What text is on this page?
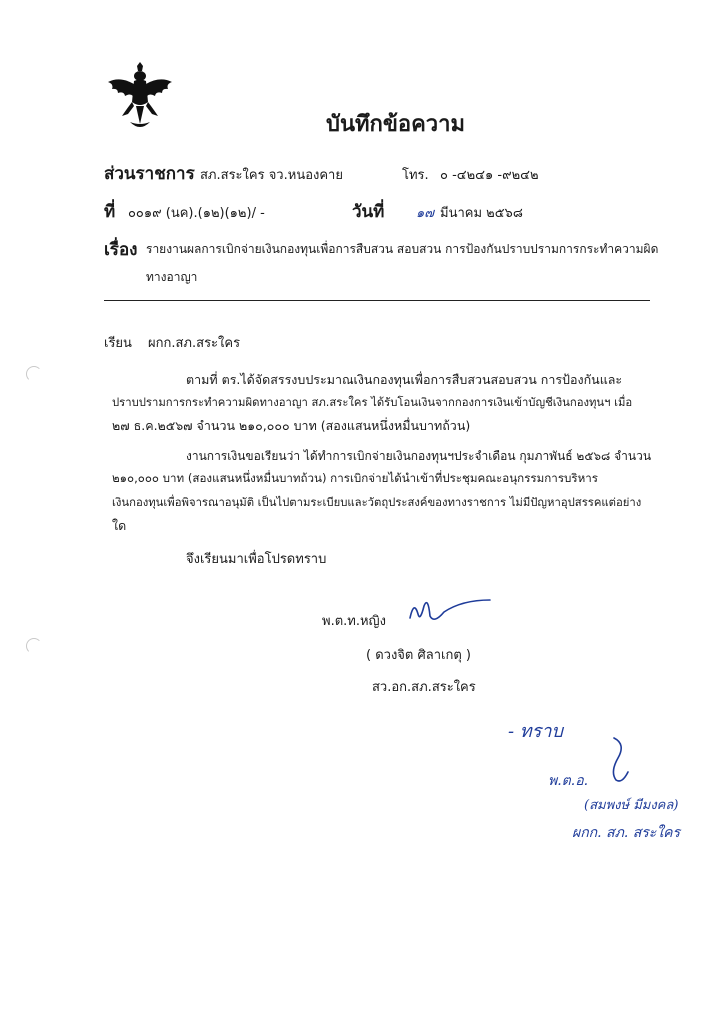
บันทึกข้อความ
ส่วนราชการ สภ.สระใคร จว.หนองคาย	โทร. ๐ -๔๒๔๑ -๙๒๔๒
ที่ ๐๐๑๙ (นค).(๑๒)(๑๒)/ -	วันที่ ๑๗ มีนาคม ๒๕๖๘
เรื่อง รายงานผลการเบิกจ่ายเงินกองทุนเพื่อการสืบสวน สอบสวน การป้องกันปราบปรามการกระทำความผิด
ทางอาญา
เรียน ผกก.สภ.สระใคร
ตามที่ ตร.ได้จัดสรรงบประมาณเงินกองทุนเพื่อการสืบสวนสอบสวน การป้องกันและ
ปราบปรามการกระทำความผิดทางอาญา สภ.สระใคร ได้รับโอนเงินจากกองการเงินเข้าบัญชีเงินกองทุนฯ เมื่อ
๒๗ ธ.ค.๒๕๖๗ จำนวน ๒๑๐,๐๐๐ บาท (สองแสนหนึ่งหมื่นบาทถ้วน)
งานการเงินขอเรียนว่า ได้ทำการเบิกจ่ายเงินกองทุนฯประจำเดือน กุมภาพันธ์ ๒๕๖๘ จำนวน
๒๑๐,๐๐๐ บาท (สองแสนหนึ่งหมื่นบาทถ้วน) การเบิกจ่ายได้นำเข้าที่ประชุมคณะอนุกรรมการบริหาร
เงินกองทุนเพื่อพิจารณาอนุมัติ เป็นไปตามระเบียบและวัตถุประสงค์ของทางราชการ ไม่มีปัญหาอุปสรรคแต่อย่าง
ใด
จึงเรียนมาเพื่อโปรดทราบ
พ.ต.ท.หญิง
( ดวงจิต ศิลาเกตุ )
สว.อก.สภ.สระใคร
- ทราบ
พ.ต.อ.
(สมพงษ์ มีมงคล)
ผกก. สภ. สระใคร
